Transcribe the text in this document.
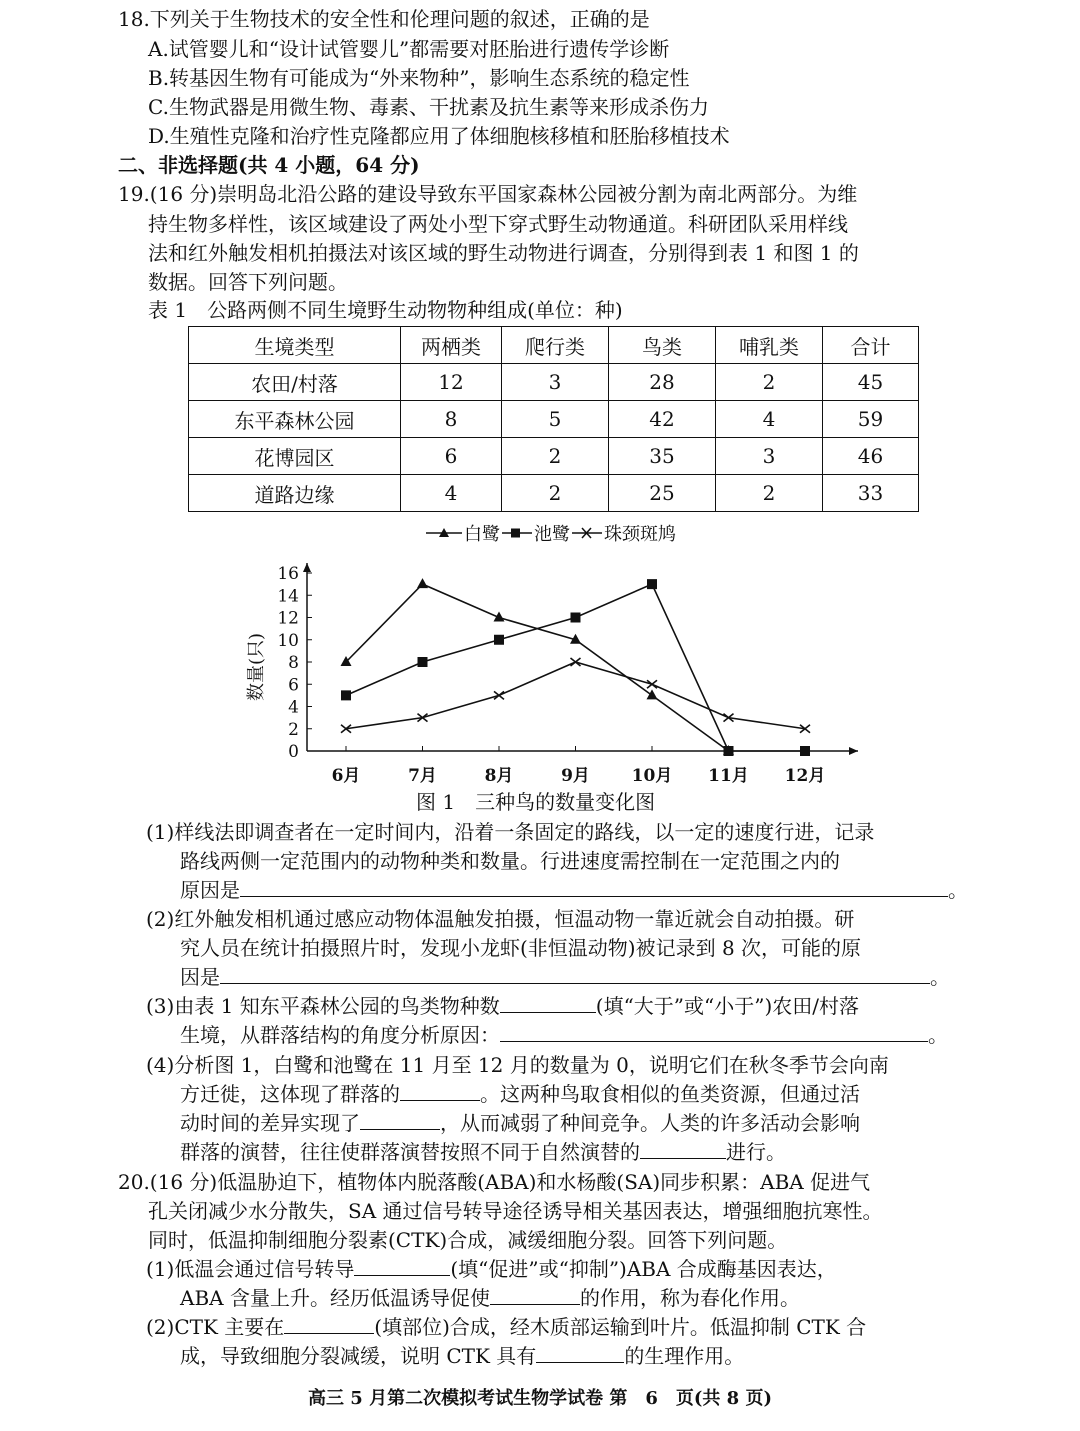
18.下列关于生物技术的安全性和伦理问题的叙述，正确的是
A.试管婴儿和“设计试管婴儿”都需要对胚胎进行遗传学诊断
B.转基因生物有可能成为“外来物种”，影响生态系统的稳定性
C.生物武器是用微生物、毒素、干扰素及抗生素等来形成杀伤力
D.生殖性克隆和治疗性克隆都应用了体细胞核移植和胚胎移植技术
二、非选择题(共 4 小题，64 分)
19.(16 分)崇明岛北沿公路的建设导致东平国家森林公园被分割为南北两部分。为维
持生物多样性，该区域建设了两处小型下穿式野生动物通道。科研团队采用样线
法和红外触发相机拍摄法对该区域的野生动物进行调查，分别得到表 1 和图 1 的
数据。回答下列问题。
表 1　公路两侧不同生境野生动物物种组成(单位：种)
生境类型	两栖类	爬行类	鸟类	哺乳类	合计
农田/村落	12	3	28	2	45
东平森林公园	8	5	42	4	59
花博园区	6	2	35	3	46
道路边缘	4	2	25	2	33
白鹭 池鹭 珠颈斑鸠
0
2
4
6
8
10
12
14
16
6月	7月	8月	9月 10月 11月 12月
数量(只)
图 1　三种鸟的数量变化图
(1)样线法即调查者在一定时间内，沿着一条固定的路线，以一定的速度行进，记录
路线两侧一定范围内的动物种类和数量。行进速度需控制在一定范围之内的
原因是	。
(2)红外触发相机通过感应动物体温触发拍摄，恒温动物一靠近就会自动拍摄。研
究人员在统计拍摄照片时，发现小龙虾(非恒温动物)被记录到 8 次，可能的原
因是	。
(3)由表 1 知东平森林公园的鸟类物种数	(填“大于”或“小于”)农田/村落
生境，从群落结构的角度分析原因：	。
(4)分析图 1，白鹭和池鹭在 11 月至 12 月的数量为 0，说明它们在秋冬季节会向南
方迁徙，这体现了群落的	。这两种鸟取食相似的鱼类资源，但通过活
动时间的差异实现了	，从而减弱了种间竞争。人类的许多活动会影响
群落的演替，往往使群落演替按照不同于自然演替的	进行。
20.(16 分)低温胁迫下，植物体内脱落酸(ABA)和水杨酸(SA)同步积累：ABA 促进气
孔关闭减少水分散失，SA 通过信号转导途径诱导相关基因表达，增强细胞抗寒性。
同时，低温抑制细胞分裂素(CTK)合成，减缓细胞分裂。回答下列问题。
(1)低温会通过信号转导	(填“促进”或“抑制”)ABA 合成酶基因表达，
ABA 含量上升。经历低温诱导促使	的作用，称为春化作用。
(2)CTK 主要在	(填部位)合成，经木质部运输到叶片。低温抑制 CTK 合
成，导致细胞分裂减缓，说明 CTK 具有	的生理作用。
高三 5 月第二次模拟考试生物学试卷 第　6　页(共 8 页)
